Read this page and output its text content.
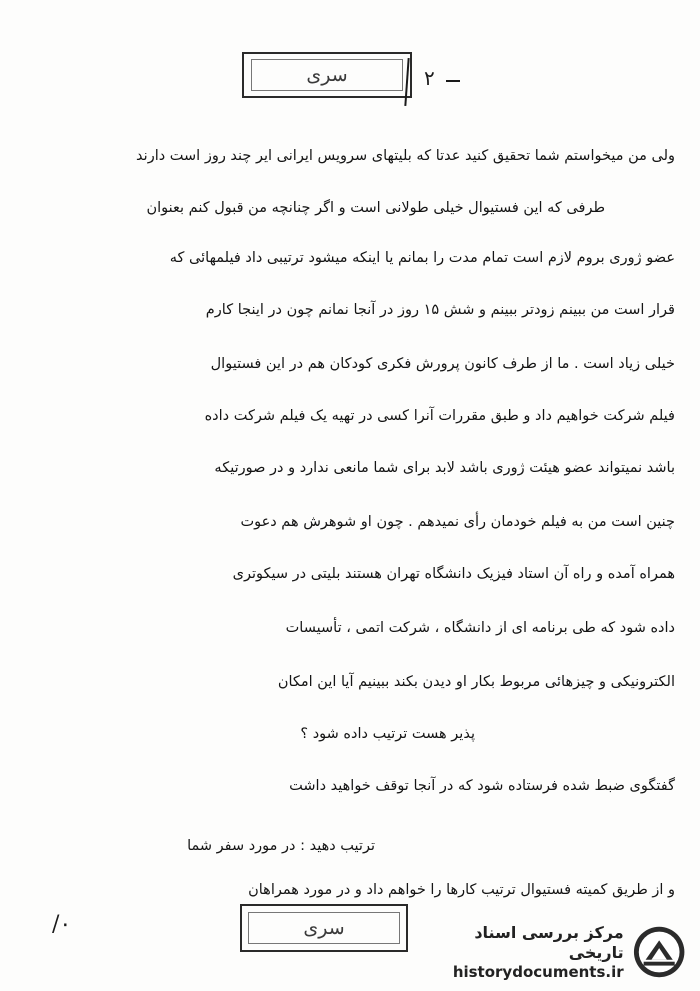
سری	۲
ولی من میخواستم شما تحقیق کنید عدتا که بلیتهای سرویس ایرانی ایر چند روز است دارند
طرفی که این فستیوال خیلی طولانی است و اگر چنانچه من قبول کنم بعنوان
عضو ژوری بروم لازم است تمام مدت را بمانم یا اینکه میشود ترتیبی داد فیلمهائی که
قرار است من ببینم زودتر ببینم و شش ۱۵ روز در آنجا نمانم چون در اینجا کارم
خیلی زیاد است . ما از طرف کانون پرورش فکری کودکان هم در این فستیوال
فیلم شرکت خواهیم داد و طبق مقررات آنرا کسی در تهیه یک فیلم شرکت داده
باشد نمیتواند عضو هیئت ژوری باشد لابد برای شما مانعی ندارد و در صورتیکه
چنین است من به فیلم خودمان رأی نمیدهم . چون او شوهرش هم دعوت
همراه آمده و راه آن استاد فیزیک دانشگاه تهران هستند بلیتی در سیکوتری
داده شود که طی برنامه ای از دانشگاه ، شرکت اتمی ، تأسیسات
الکترونیکی و چیزهائی مربوط بکار او دیدن بکند ببینیم آیا این امکان
پذیر هست ترتیب داده شود ؟
گفتگوی ضبط شده فرستاده شود که در آنجا توقف خواهید داشت
ترتیب دهید : در مورد سفر شما
و از طریق کمیته فستیوال ترتیب کارها را خواهم داد و در مورد همراهان
/۰	سری	مرکز بررسی اسناد تاریخی
historydocuments.ir
